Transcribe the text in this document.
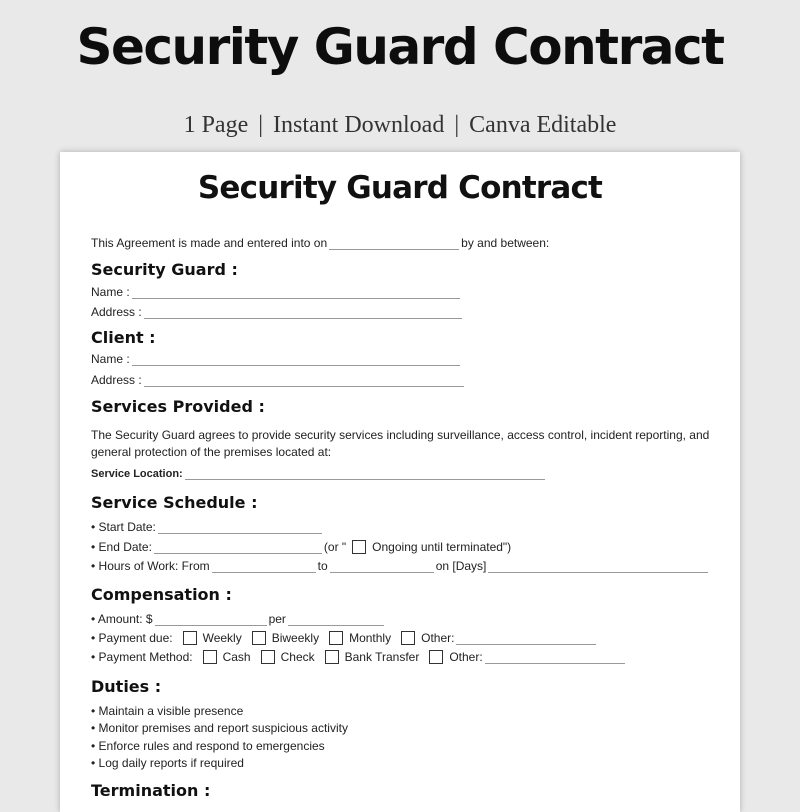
Security Guard Contract
1 Page | Instant Download | Canva Editable
Security Guard Contract
This Agreement is made and entered into on	by and between:
Security Guard :
Name :
Address :
Client :
Name :
Address :
Services Provided :
The Security Guard agrees to provide security services including surveillance, access control, incident reporting, and general protection of the premises located at:
Service Location:
Service Schedule :
• Start Date:
• End Date:	(or " Ongoing until terminated")
• Hours of Work: From	to	on [Days]
Compensation :
• Amount: $	per
• Payment due:	Weekly	Biweekly	Monthly	Other:
• Payment Method:	Cash	Check	Bank Transfer	Other:
Duties :
• Maintain a visible presence
• Monitor premises and report suspicious activity
• Enforce rules and respond to emergencies
• Log daily reports if required
Termination :
